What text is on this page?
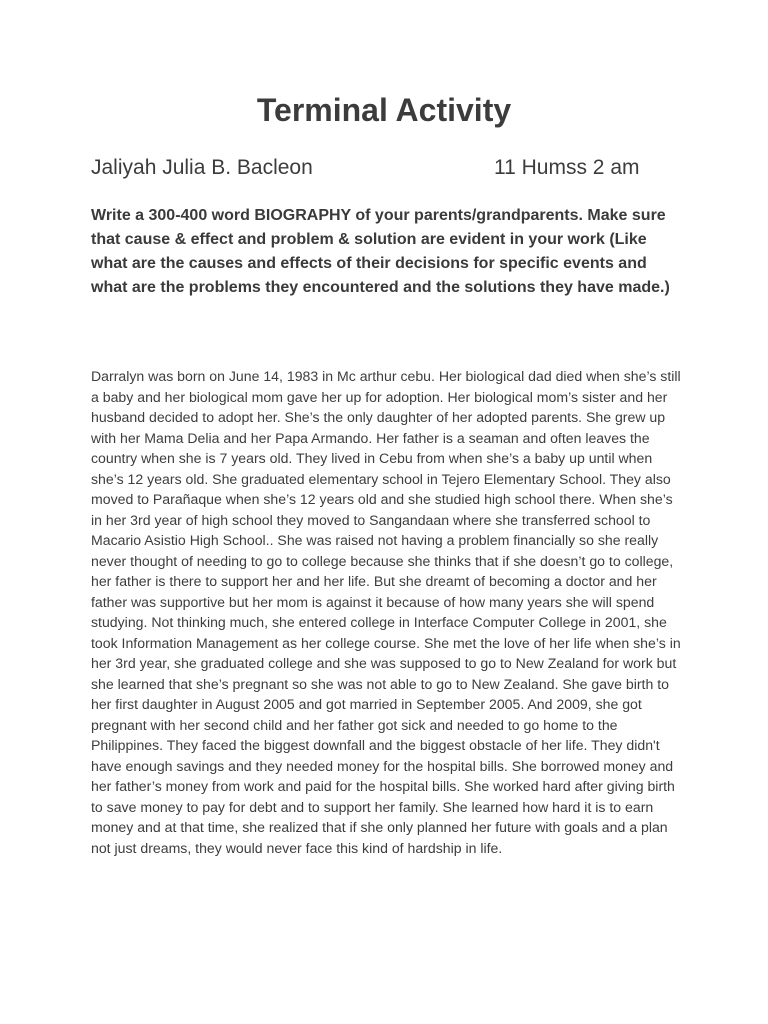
Terminal Activity
Jaliyah Julia B. Bacleon	11 Humss 2 am

Write a 300-400 word BIOGRAPHY of your parents/grandparents. Make sure that cause & effect and problem & solution are evident in your work (Like what are the causes and effects of their decisions for specific events and what are the problems they encountered and the solutions they have made.)

Darralyn was born on June 14, 1983 in Mc arthur cebu. Her biological dad died when she’s still a baby and her biological mom gave her up for adoption. Her biological mom’s sister and her husband decided to adopt her. She’s the only daughter of her adopted parents. She grew up with her Mama Delia and her Papa Armando. Her father is a seaman and often leaves the country when she is 7 years old. They lived in Cebu from when she’s a baby up until when she’s 12 years old. She graduated elementary school in Tejero Elementary School. They also moved to Parañaque when she’s 12 years old and she studied high school there. When she’s in her 3rd year of high school they moved to Sangandaan where she transferred school to Macario Asistio High School.. She was raised not having a problem financially so she really never thought of needing to go to college because she thinks that if she doesn’t go to college, her father is there to support her and her life. But she dreamt of becoming a doctor and her father was supportive but her mom is against it because of how many years she will spend studying. Not thinking much, she entered college in Interface Computer College in 2001, she took Information Management as her college course. She met the love of her life when she’s in her 3rd year, she graduated college and she was supposed to go to New Zealand for work but she learned that she’s pregnant so she was not able to go to New Zealand. She gave birth to her first daughter in August 2005 and got married in September 2005. And 2009, she got pregnant with her second child and her father got sick and needed to go home to the Philippines. They faced the biggest downfall and the biggest obstacle of her life. They didn't have enough savings and they needed money for the hospital bills. She borrowed money and her father’s money from work and paid for the hospital bills. She worked hard after giving birth to save money to pay for debt and to support her family. She learned how hard it is to earn money and at that time, she realized that if she only planned her future with goals and a plan not just dreams, they would never face this kind of hardship in life.
